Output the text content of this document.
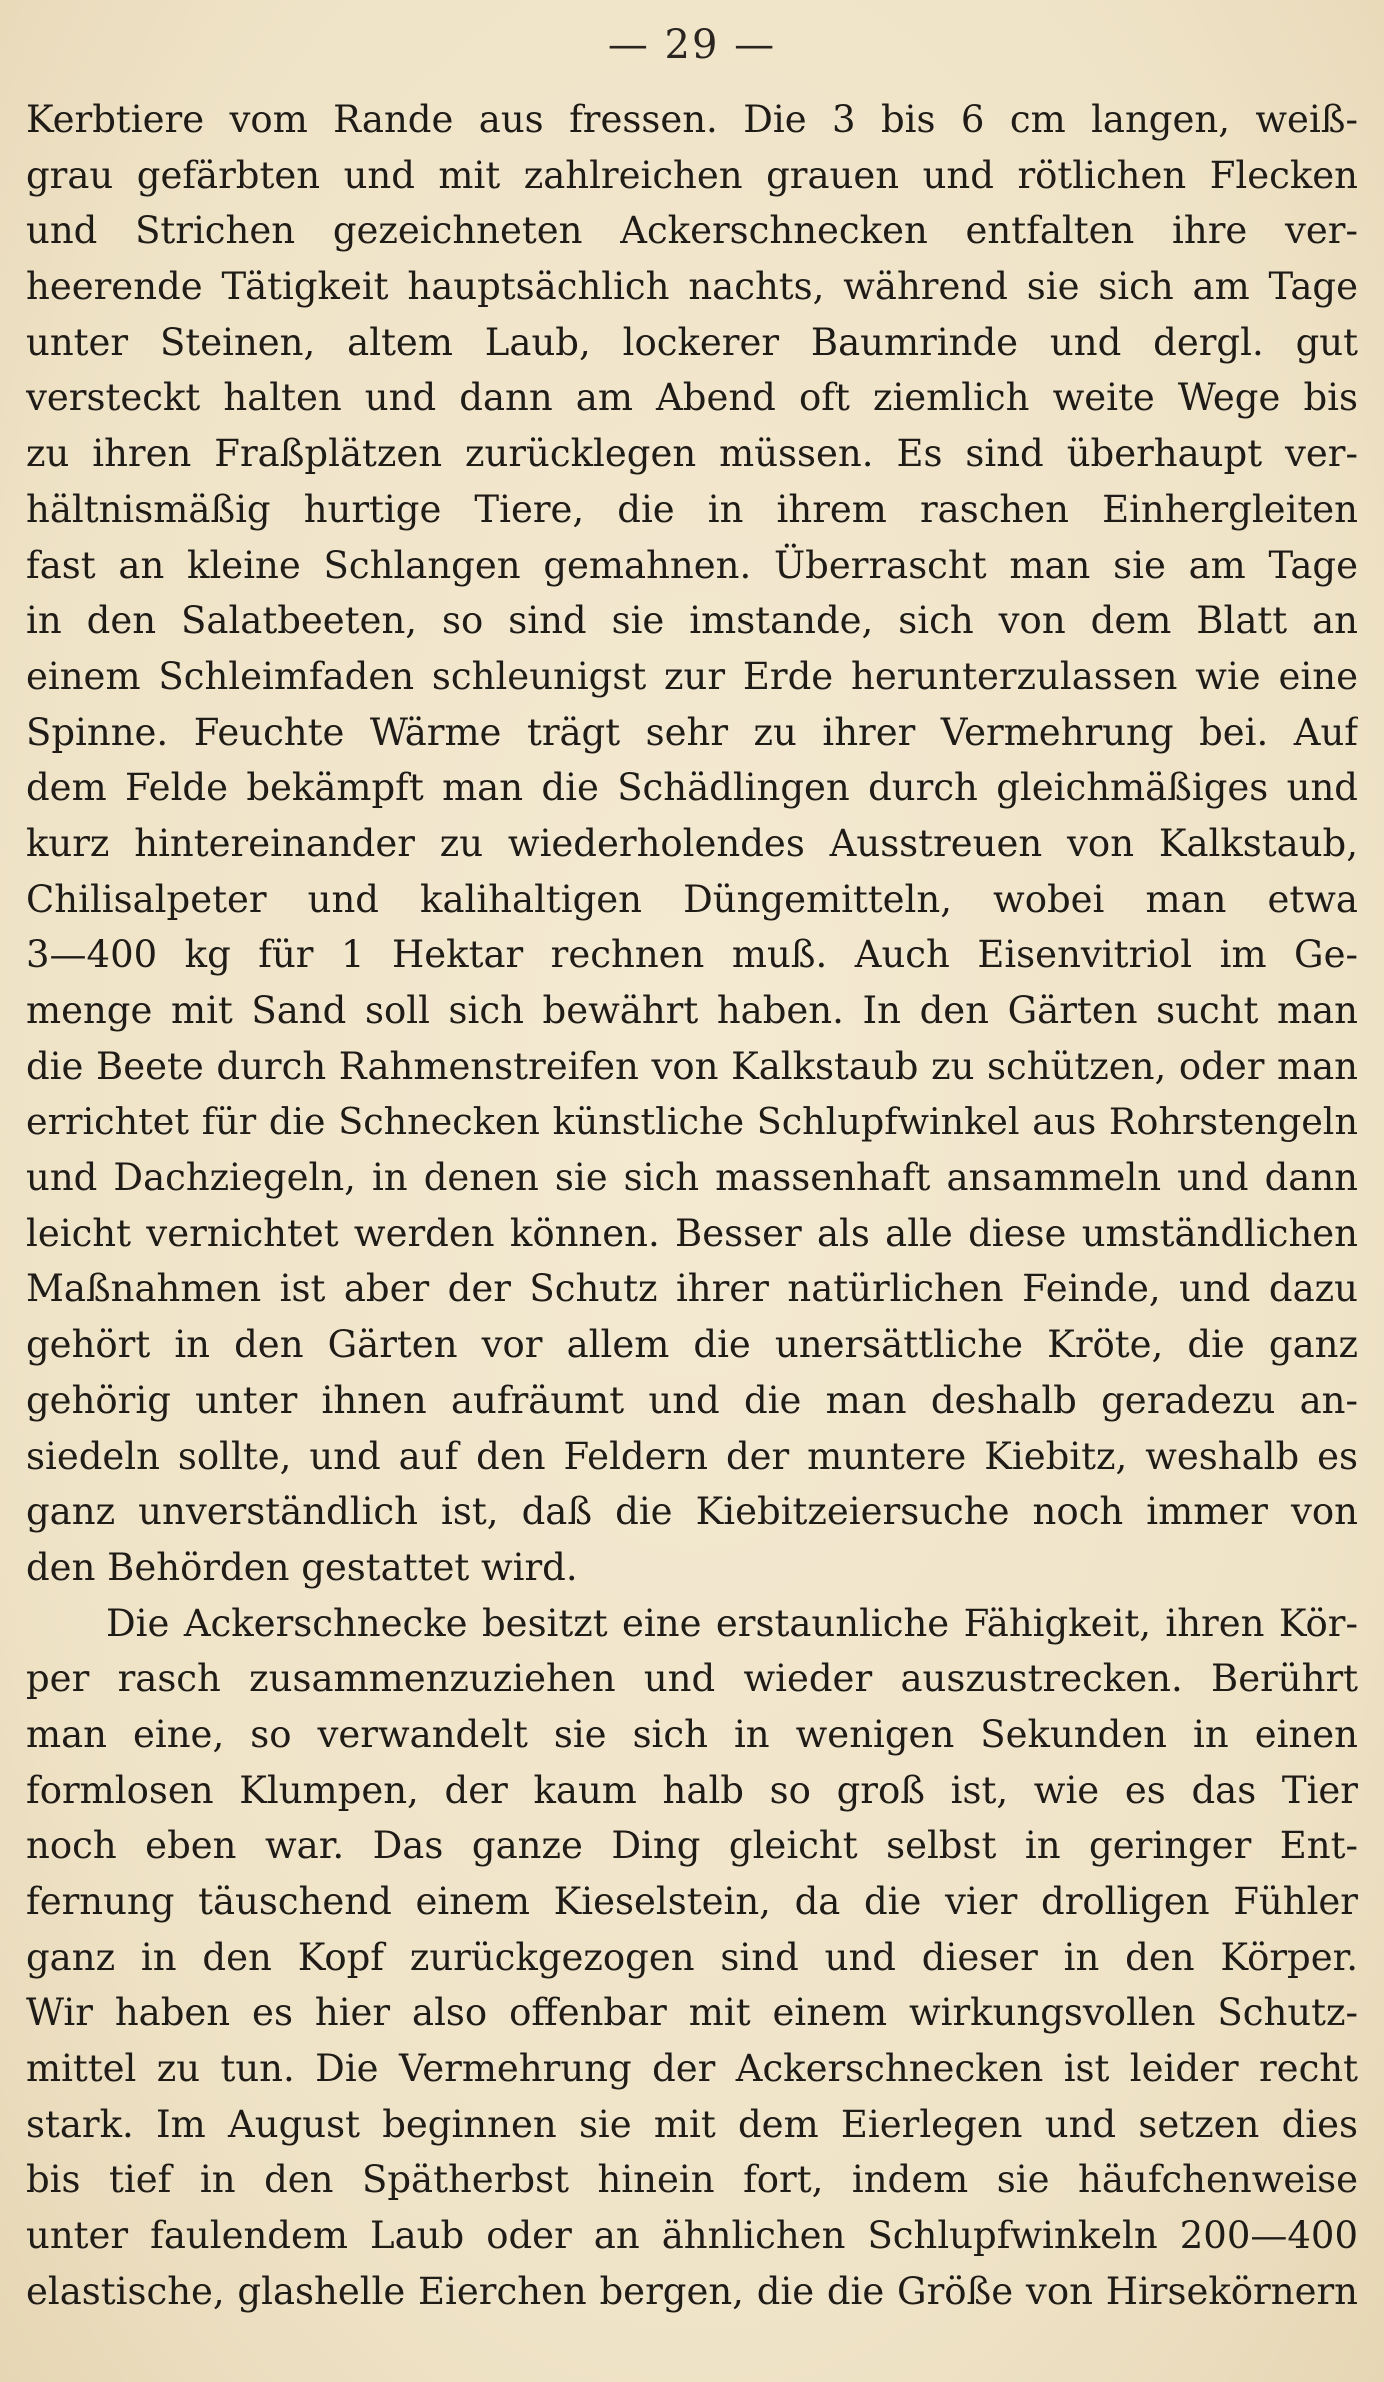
— 29 —
Kerbtiere vom Rande aus fressen. Die 3 bis 6 cm langen, weiß-
grau gefärbten und mit zahlreichen grauen und rötlichen Flecken
und Strichen gezeichneten Ackerschnecken entfalten ihre ver-
heerende Tätigkeit hauptsächlich nachts, während sie sich am Tage
unter Steinen, altem Laub, lockerer Baumrinde und dergl. gut
versteckt halten und dann am Abend oft ziemlich weite Wege bis
zu ihren Fraßplätzen zurücklegen müssen. Es sind überhaupt ver-
hältnismäßig hurtige Tiere, die in ihrem raschen Einhergleiten
fast an kleine Schlangen gemahnen. Überrascht man sie am Tage
in den Salatbeeten, so sind sie imstande, sich von dem Blatt an
einem Schleimfaden schleunigst zur Erde herunterzulassen wie eine
Spinne. Feuchte Wärme trägt sehr zu ihrer Vermehrung bei. Auf
dem Felde bekämpft man die Schädlingen durch gleichmäßiges und
kurz hintereinander zu wiederholendes Ausstreuen von Kalkstaub,
Chilisalpeter und kalihaltigen Düngemitteln, wobei man etwa
3—400 kg für 1 Hektar rechnen muß. Auch Eisenvitriol im Ge-
menge mit Sand soll sich bewährt haben. In den Gärten sucht man
die Beete durch Rahmenstreifen von Kalkstaub zu schützen, oder man
errichtet für die Schnecken künstliche Schlupfwinkel aus Rohrstengeln
und Dachziegeln, in denen sie sich massenhaft ansammeln und dann
leicht vernichtet werden können. Besser als alle diese umständlichen
Maßnahmen ist aber der Schutz ihrer natürlichen Feinde, und dazu
gehört in den Gärten vor allem die unersättliche Kröte, die ganz
gehörig unter ihnen aufräumt und die man deshalb geradezu an-
siedeln sollte, und auf den Feldern der muntere Kiebitz, weshalb es
ganz unverständlich ist, daß die Kiebitzeiersuche noch immer von
den Behörden gestattet wird.
Die Ackerschnecke besitzt eine erstaunliche Fähigkeit, ihren Kör-
per rasch zusammenzuziehen und wieder auszustrecken. Berührt
man eine, so verwandelt sie sich in wenigen Sekunden in einen
formlosen Klumpen, der kaum halb so groß ist, wie es das Tier
noch eben war. Das ganze Ding gleicht selbst in geringer Ent-
fernung täuschend einem Kieselstein, da die vier drolligen Fühler
ganz in den Kopf zurückgezogen sind und dieser in den Körper.
Wir haben es hier also offenbar mit einem wirkungsvollen Schutz-
mittel zu tun. Die Vermehrung der Ackerschnecken ist leider recht
stark. Im August beginnen sie mit dem Eierlegen und setzen dies
bis tief in den Spätherbst hinein fort, indem sie häufchenweise
unter faulendem Laub oder an ähnlichen Schlupfwinkeln 200—400
elastische, glashelle Eierchen bergen, die die Größe von Hirsekörnern
